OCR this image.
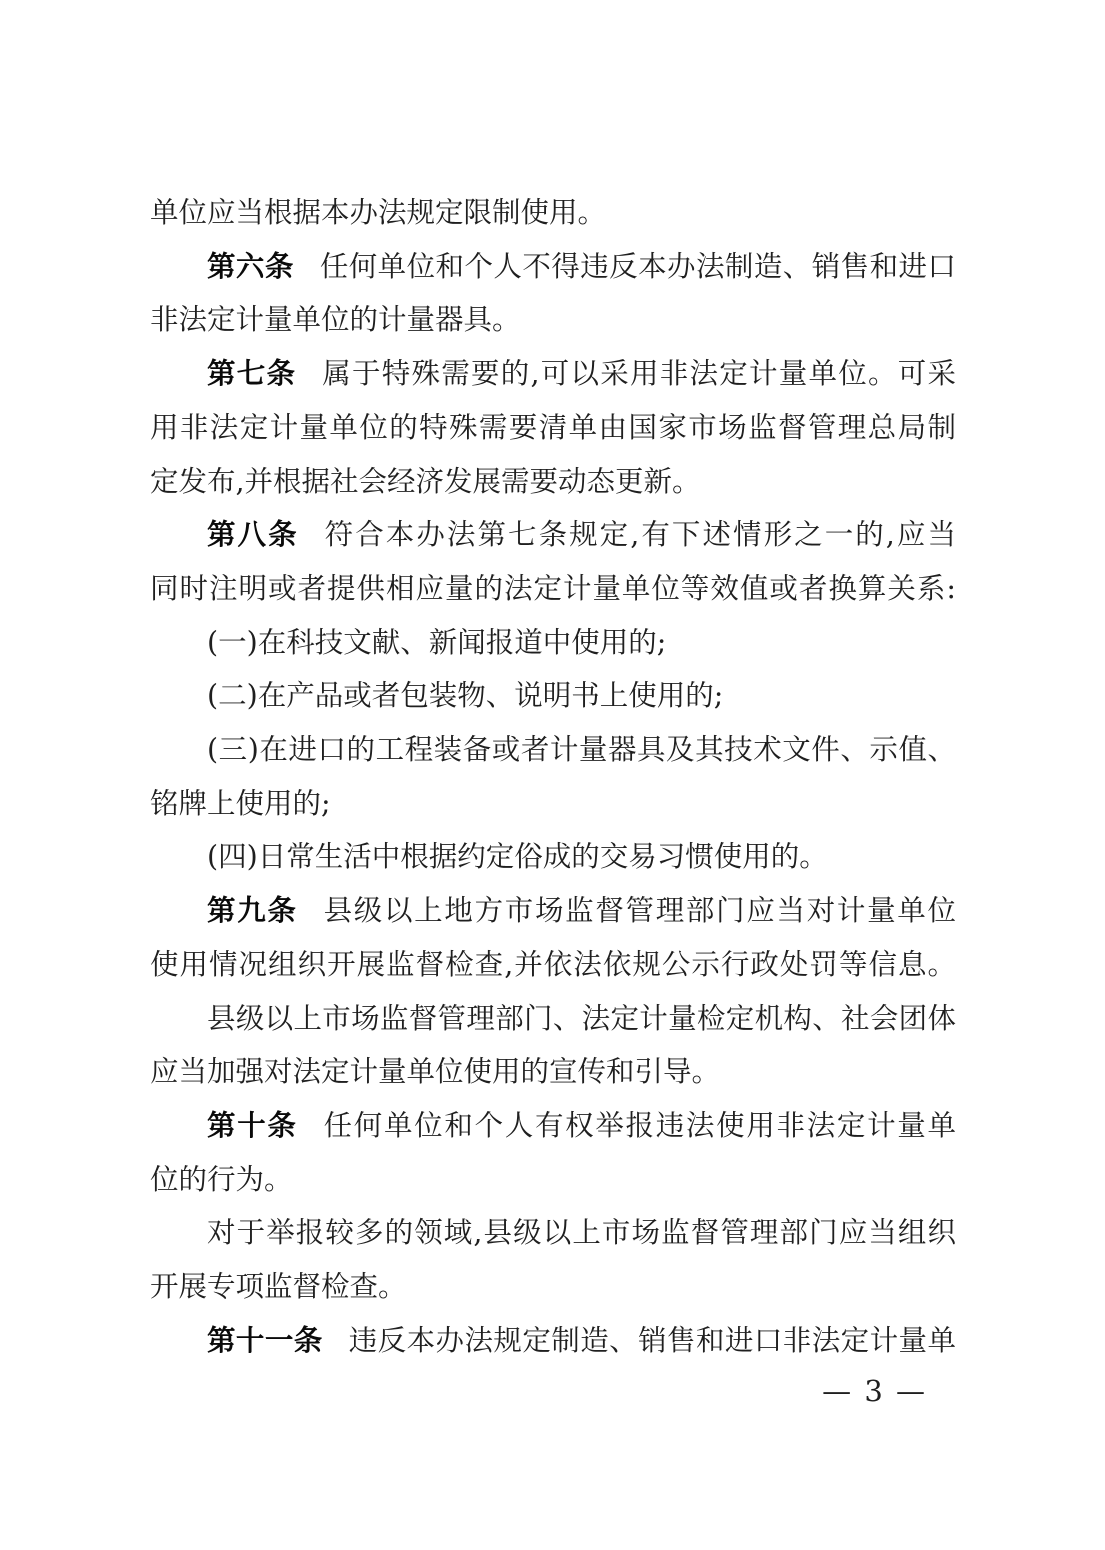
单位应当根据本办法规定限制使用。
第六条 任何单位和个人不得违反本办法制造、销售和进口
非法定计量单位的计量器具。
第七条 属于特殊需要的,可以采用非法定计量单位。可采
用非法定计量单位的特殊需要清单由国家市场监督管理总局制
定发布,并根据社会经济发展需要动态更新。
第八条 符合本办法第七条规定,有下述情形之一的,应当
同时注明或者提供相应量的法定计量单位等效值或者换算关系:
(一)在科技文献、新闻报道中使用的;
(二)在产品或者包装物、说明书上使用的;
(三)在进口的工程装备或者计量器具及其技术文件、示值、
铭牌上使用的;
(四)日常生活中根据约定俗成的交易习惯使用的。
第九条 县级以上地方市场监督管理部门应当对计量单位
使用情况组织开展监督检查,并依法依规公示行政处罚等信息。
县级以上市场监督管理部门、法定计量检定机构、社会团体
应当加强对法定计量单位使用的宣传和引导。
第十条 任何单位和个人有权举报违法使用非法定计量单
位的行为。
对于举报较多的领域,县级以上市场监督管理部门应当组织
开展专项监督检查。
第十一条 违反本办法规定制造、销售和进口非法定计量单
— 3 —
